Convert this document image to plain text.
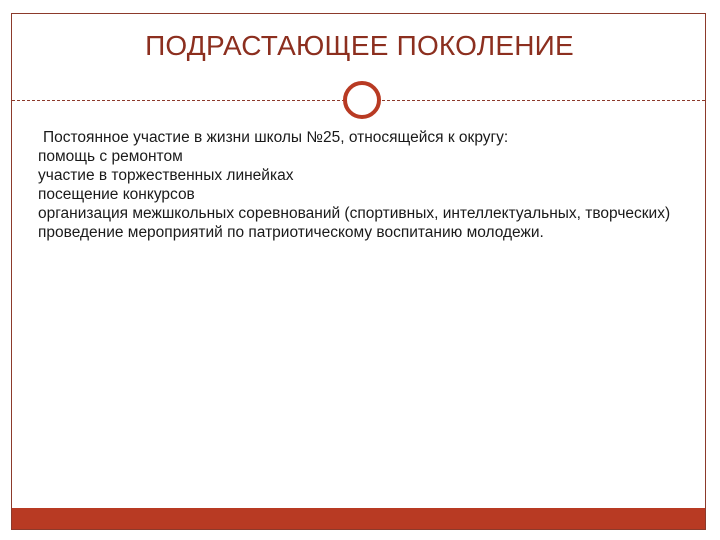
ПОДРАСТАЮЩЕЕ ПОКОЛЕНИЕ
Постоянное участие в жизни школы №25, относящейся к округу:
помощь с ремонтом
участие в торжественных линейках
посещение конкурсов
организация межшкольных соревнований (спортивных, интеллектуальных, творческих)
проведение мероприятий по патриотическому воспитанию молодежи.
